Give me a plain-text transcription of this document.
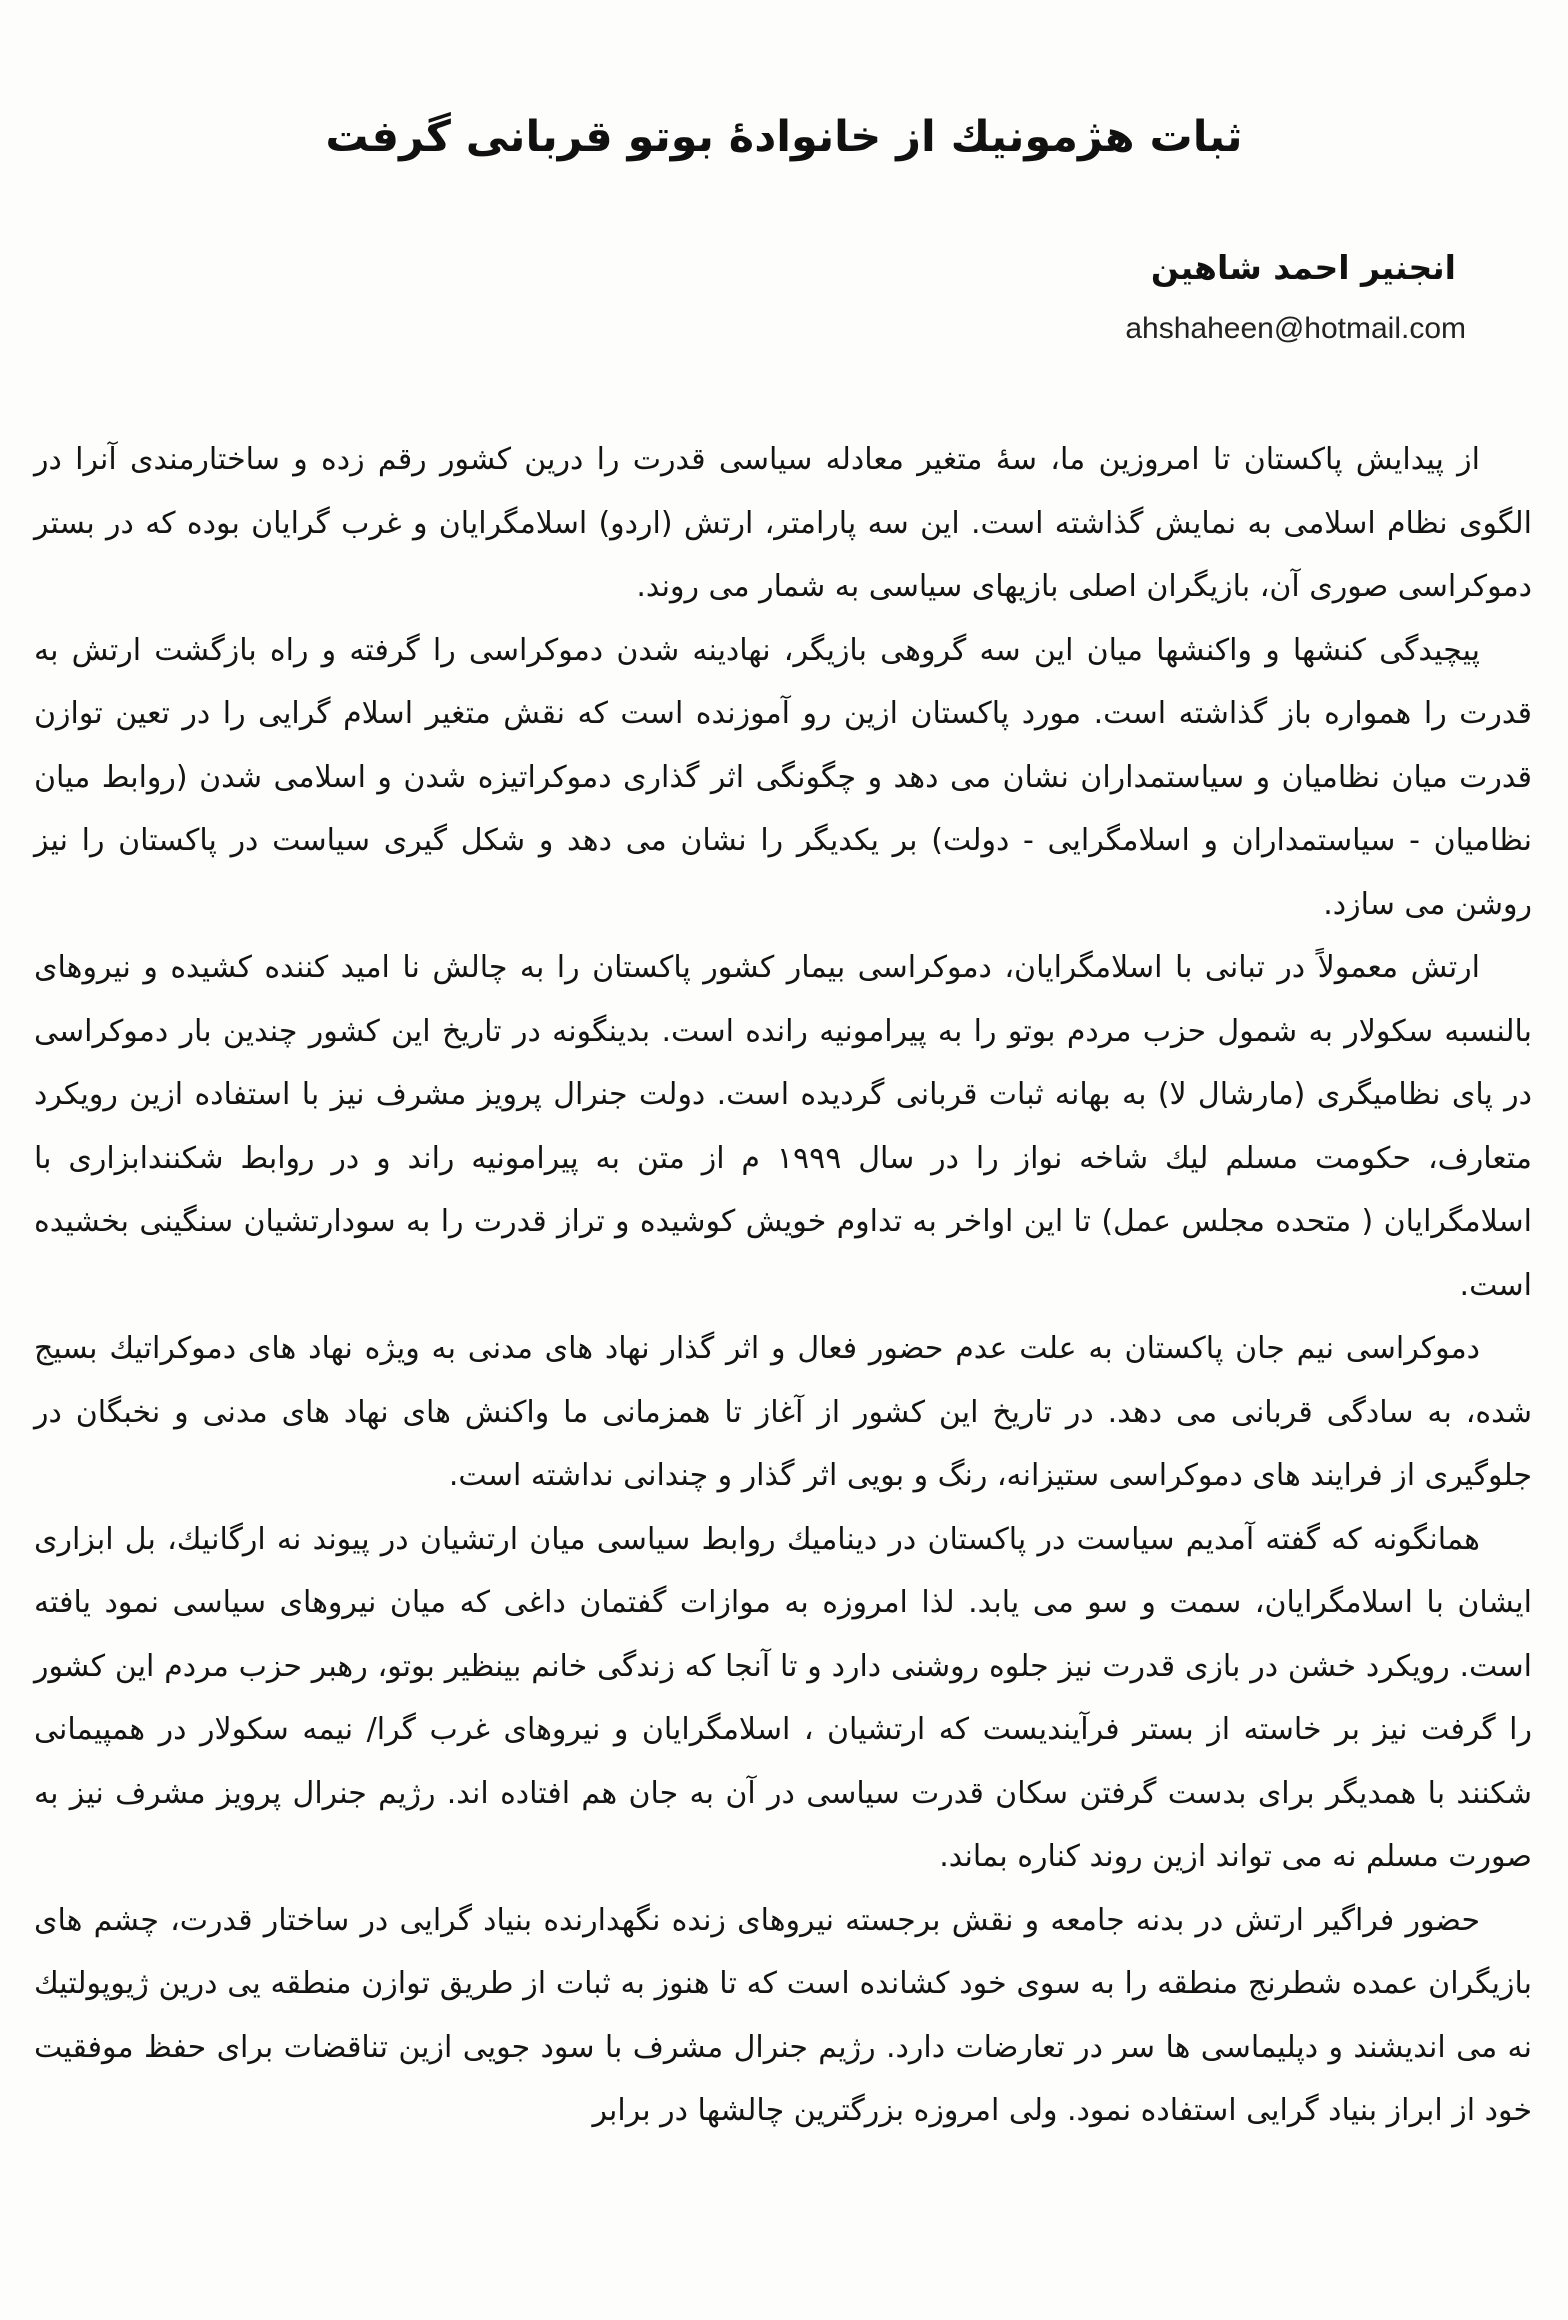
ثبات هژمونیك از خانوادۀ بوتو قربانی گرفت
انجنیر احمد شاهین
ahshaheen@hotmail.com

از پیدایش پاكستان تا امروزین ما، سۀ متغیر معادله سیاسی قدرت را درین كشور رقم زده و ساختارمندی آنرا در الگوی نظام اسلامی به نمایش گذاشته است. این سه پارامتر، ارتش (اردو) اسلامگرایان و غرب گرایان بوده كه در بستر دموكراسی صوری آن، بازیگران اصلی بازیهای سیاسی به شمار می روند.

پیچیدگی كنشها و واكنشها میان این سه گروهی بازیگر، نهادینه شدن دموكراسی را گرفته و راه بازگشت ارتش به قدرت را همواره باز گذاشته است. مورد پاكستان ازین رو آموزنده است كه نقش متغیر اسلام گرایی را در تعین توازن قدرت میان نظامیان و سیاستمداران نشان می دهد و چگونگی اثر گذاری دموكراتیزه شدن و اسلامی شدن (روابط میان نظامیان - سیاستمداران و اسلامگرایی - دولت) بر یكدیگر را نشان می دهد و شكل گیری سیاست در پاكستان را نیز روشن می سازد.

ارتش معمولاً در تبانی با اسلامگرایان، دموكراسی بیمار كشور پاكستان را به چالش نا امید كننده كشیده و نیروهای بالنسبه سكولار به شمول حزب مردم بوتو را به پیرامونیه رانده است. بدینگونه در تاریخ این كشور چندین بار دموكراسی در پای نظامیگری (مارشال لا) به بهانه ثبات قربانی گردیده است. دولت جنرال پرویز مشرف نیز با استفاده ازین رویكرد متعارف، حكومت مسلم لیك شاخه نواز را در سال ۱۹۹۹ م از متن به پیرامونیه راند و در روابط شكنندابزاری با اسلامگرایان ( متحده مجلس عمل) تا این اواخر به تداوم خویش كوشیده و تراز قدرت را به سودارتشیان سنگینی بخشیده است.

دموكراسی نیم جان پاكستان به علت عدم حضور فعال و اثر گذار نهاد های مدنی به ویژه نهاد های دموكراتیك بسیج شده، به سادگی قربانی می دهد. در تاریخ این كشور از آغاز تا همزمانی ما واكنش های نهاد های مدنی و نخبگان در جلوگیری از فرایند های دموكراسی ستیزانه، رنگ و بویی اثر گذار و چندانی نداشته است.

همانگونه كه گفته آمدیم سیاست در پاكستان در دینامیك روابط سیاسی میان ارتشیان در پیوند نه ارگانیك، بل ابزاری ایشان با اسلامگرایان، سمت و سو می یابد. لذا امروزه به موازات گفتمان داغی كه میان نیروهای سیاسی نمود یافته است. رویكرد خشن در بازی قدرت نیز جلوه روشنی دارد و تا آنجا كه زندگی خانم بینظیر بوتو، رهبر حزب مردم این كشور را گرفت نیز بر خاسته از بستر فرآیندیست كه ارتشیان ، اسلامگرایان و نیروهای غرب گرا/ نیمه سكولار در همپیمانی شكنند با همدیگر برای بدست گرفتن سكان قدرت سیاسی در آن به جان هم افتاده اند. رژیم جنرال پرویز مشرف نیز به صورت مسلم نه می تواند ازین روند كناره بماند.

حضور فراگیر ارتش در بدنه جامعه و نقش برجسته نیروهای زنده نگهدارنده بنیاد گرایی در ساختار قدرت، چشم های بازیگران عمده شطرنج منطقه را به سوی خود كشانده است كه تا هنوز به ثبات از طریق توازن منطقه یی درین ژیوپولتیك نه می اندیشند و دپلیماسی ها سر در تعارضات دارد. رژیم جنرال مشرف با سود جویی ازین تناقضات برای حفظ موفقیت خود از ابراز بنیاد گرایی استفاده نمود. ولی امروزه بزرگترین چالشها در برابر
